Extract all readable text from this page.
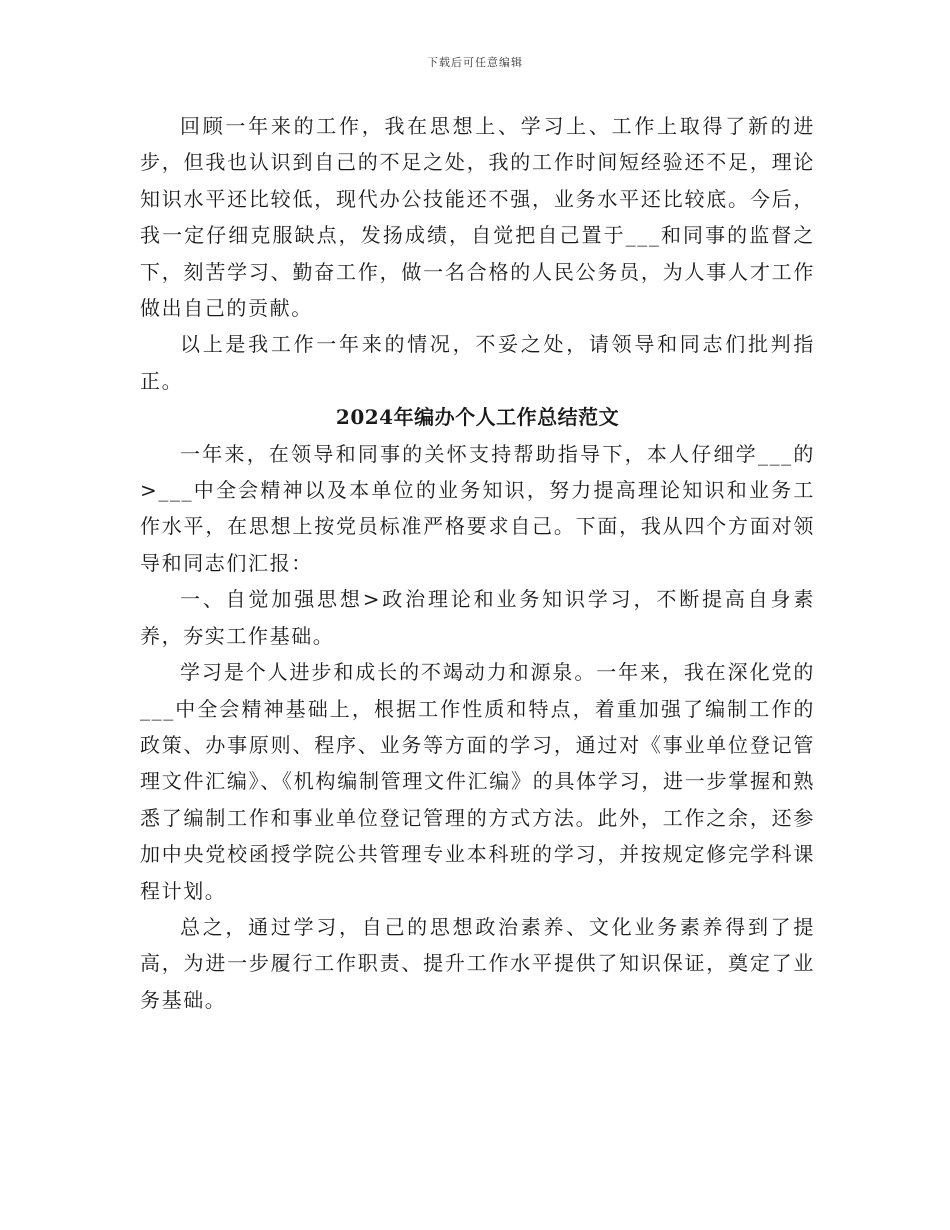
下载后可任意编辑

回顾一年来的工作，我在思想上、学习上、工作上取得了新的进步，但我也认识到自己的不足之处，我的工作时间短经验还不足，理论知识水平还比较低，现代办公技能还不强，业务水平还比较底。今后，我一定仔细克服缺点，发扬成绩，自觉把自己置于___和同事的监督之下，刻苦学习、勤奋工作，做一名合格的人民公务员，为人事人才工作做出自己的贡献。

以上是我工作一年来的情况，不妥之处，请领导和同志们批判指正。

2024年编办个人工作总结范文

一年来，在领导和同事的关怀支持帮助指导下，本人仔细学___的>___中全会精神以及本单位的业务知识，努力提高理论知识和业务工作水平，在思想上按党员标准严格要求自己。下面，我从四个方面对领导和同志们汇报：

一、自觉加强思想>政治理论和业务知识学习，不断提高自身素养，夯实工作基础。

学习是个人进步和成长的不竭动力和源泉。一年来，我在深化党的___中全会精神基础上，根据工作性质和特点，着重加强了编制工作的政策、办事原则、程序、业务等方面的学习，通过对《事业单位登记管理文件汇编》、《机构编制管理文件汇编》的具体学习，进一步掌握和熟悉了编制工作和事业单位登记管理的方式方法。此外，工作之余，还参加中央党校函授学院公共管理专业本科班的学习，并按规定修完学科课程计划。

总之，通过学习，自己的思想政治素养、文化业务素养得到了提高，为进一步履行工作职责、提升工作水平提供了知识保证，奠定了业务基础。
